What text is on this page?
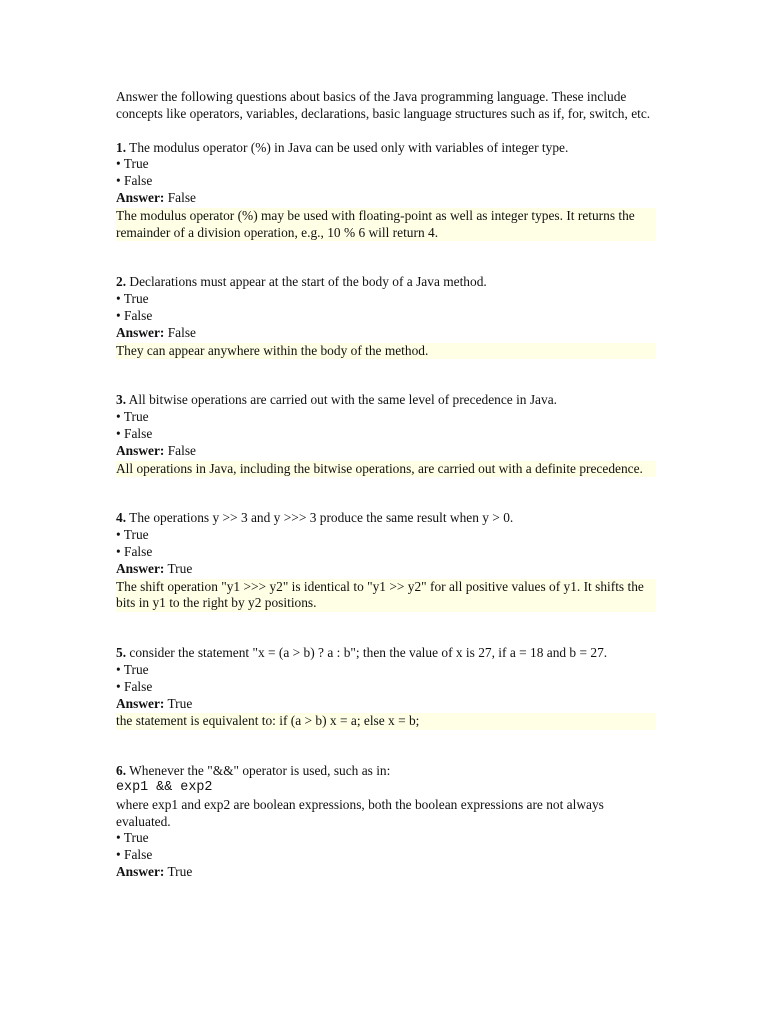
Answer the following questions about basics of the Java programming language. These include concepts like operators, variables, declarations, basic language structures such as if, for, switch, etc.
1. The modulus operator (%) in Java can be used only with variables of integer type.
• True
• False
Answer: False
The modulus operator (%) may be used with floating-point as well as integer types. It returns the remainder of a division operation, e.g., 10 % 6 will return 4.
2. Declarations must appear at the start of the body of a Java method.
• True
• False
Answer: False
They can appear anywhere within the body of the method.
3. All bitwise operations are carried out with the same level of precedence in Java.
• True
• False
Answer: False
All operations in Java, including the bitwise operations, are carried out with a definite precedence.
4. The operations y >> 3 and y >>> 3 produce the same result when y > 0.
• True
• False
Answer: True
The shift operation "y1 >>> y2" is identical to "y1 >> y2" for all positive values of y1. It shifts the bits in y1 to the right by y2 positions.
5. consider the statement "x = (a > b) ? a : b"; then the value of x is 27, if a = 18 and b = 27.
• True
• False
Answer: True
the statement is equivalent to: if (a > b) x = a; else x = b;
6. Whenever the "&&" operator is used, such as in:
exp1 && exp2
where exp1 and exp2 are boolean expressions, both the boolean expressions are not always evaluated.
• True
• False
Answer: True
